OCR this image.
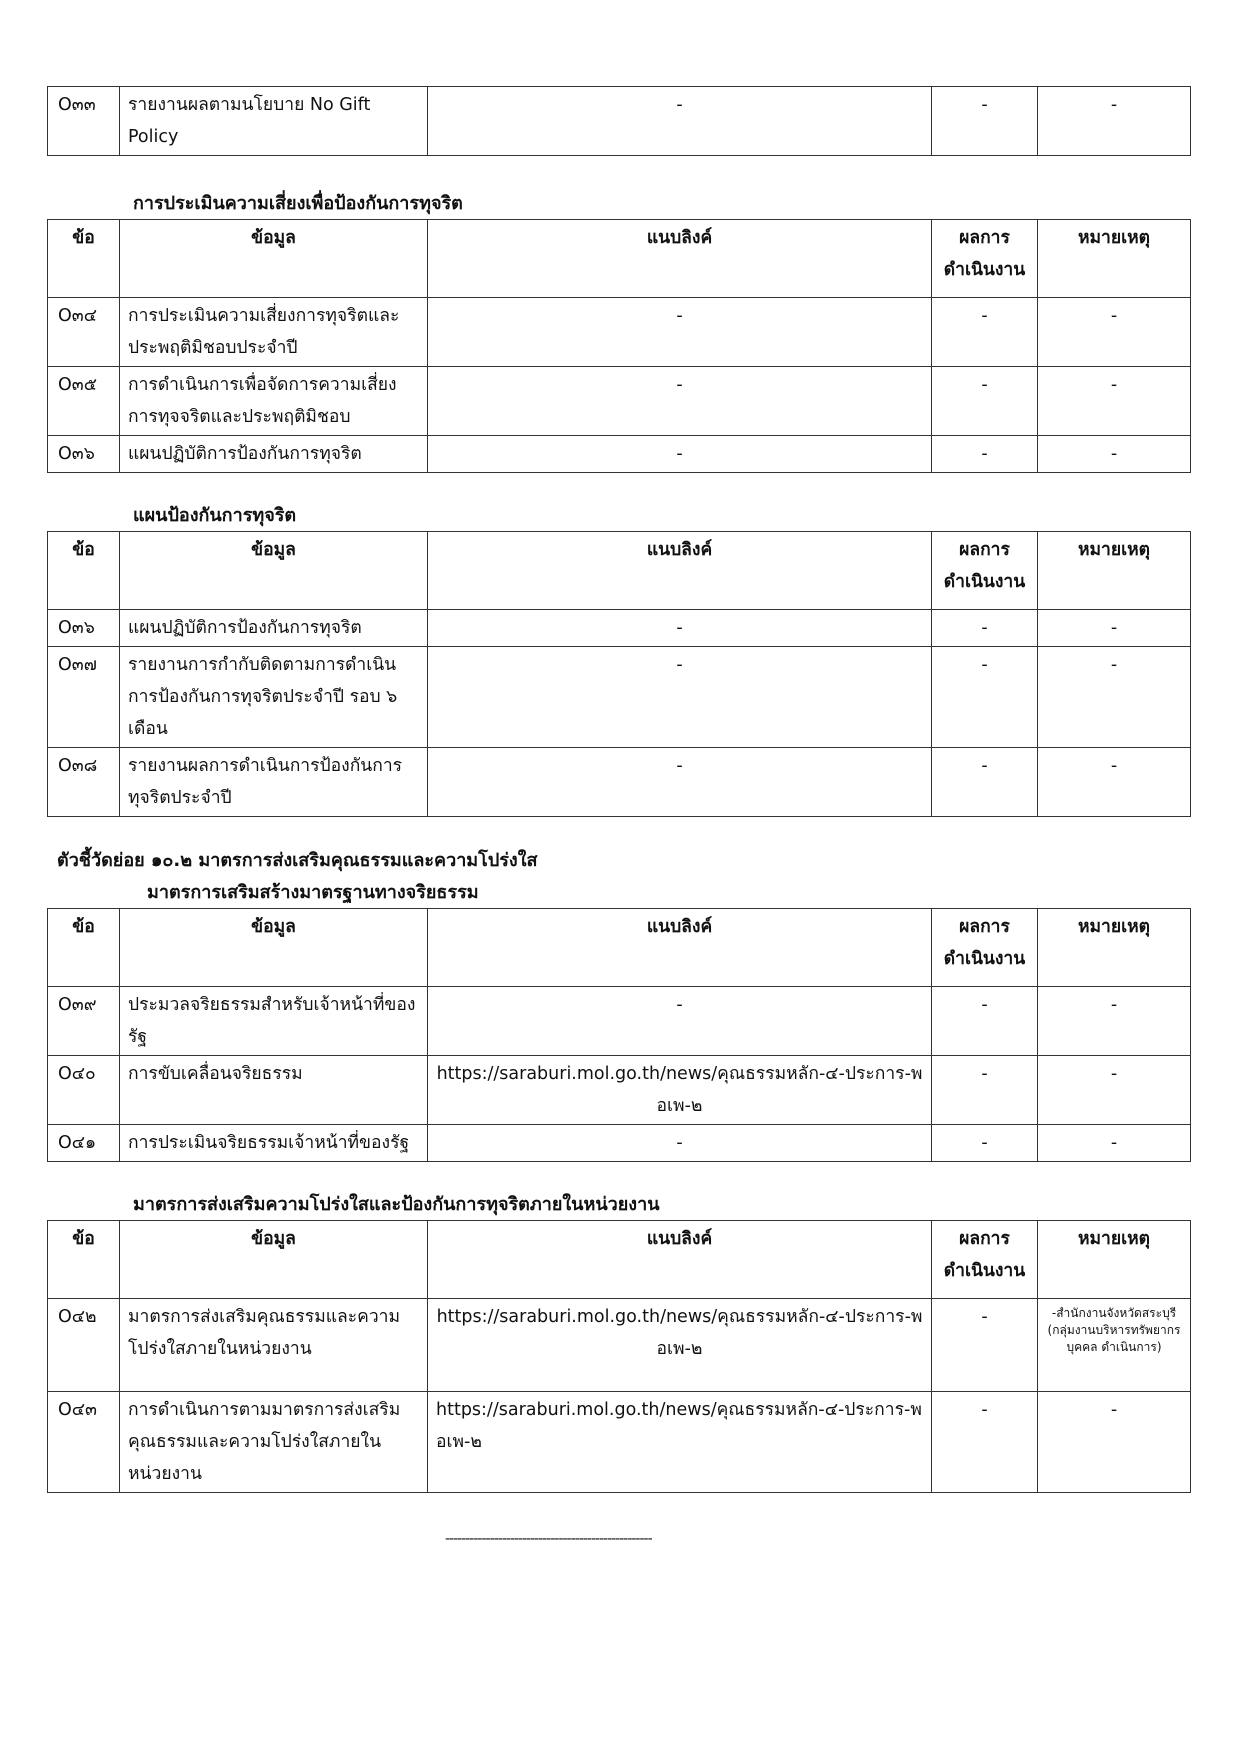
O๓๓	รายงานผลตามนโยบาย No Gift Policy	-	-	-
การประเมินความเสี่ยงเพื่อป้องกันการทุจริต
ข้อ	ข้อมูล	แนบลิงค์	ผลการดำเนินงาน	หมายเหตุ
O๓๔	การประเมินความเสี่ยงการทุจริตและประพฤติมิชอบประจำปี	-	-	-
O๓๕	การดำเนินการเพื่อจัดการความเสี่ยงการทุจจริตและประพฤติมิชอบ	-	-	-
O๓๖	แผนปฏิบัติการป้องกันการทุจริต	-	-	-
แผนป้องกันการทุจริต
ข้อ	ข้อมูล	แนบลิงค์	ผลการดำเนินงาน	หมายเหตุ
O๓๖	แผนปฏิบัติการป้องกันการทุจริต	-	-	-
O๓๗	รายงานการกำกับติดตามการดำเนินการป้องกันการทุจริตประจำปี รอบ ๖ เดือน	-	-	-
O๓๘	รายงานผลการดำเนินการป้องกันการทุจริตประจำปี	-	-	-
ตัวชี้วัดย่อย ๑๐.๒ มาตรการส่งเสริมคุณธรรมและความโปร่งใส
มาตรการเสริมสร้างมาตรฐานทางจริยธรรม
ข้อ	ข้อมูล	แนบลิงค์	ผลการดำเนินงาน	หมายเหตุ
O๓๙	ประมวลจริยธรรมสำหรับเจ้าหน้าที่ของรัฐ	-	-	-
O๔๐	การขับเคลื่อนจริยธรรม	https://saraburi.mol.go.th/news/คุณธรรมหลัก-๔-ประการ-พอเพ-๒	-	-
O๔๑	การประเมินจริยธรรมเจ้าหน้าที่ของรัฐ	-	-	-
มาตรการส่งเสริมความโปร่งใสและป้องกันการทุจริตภายในหน่วยงาน
ข้อ	ข้อมูล	แนบลิงค์	ผลการดำเนินงาน	หมายเหตุ
O๔๒	มาตรการส่งเสริมคุณธรรมและความโปร่งใสภายในหน่วยงาน	https://saraburi.mol.go.th/news/คุณธรรมหลัก-๔-ประการ-พอเพ-๒	-	-สำนักงานจังหวัดสระบุรี (กลุ่มงานบริหารทรัพยากรบุคคล ดำเนินการ)
O๔๓	การดำเนินการตามมาตรการส่งเสริมคุณธรรมและความโปร่งใสภายในหน่วยงาน	https://saraburi.mol.go.th/news/คุณธรรมหลัก-๔-ประการ-พอเพ-๒	-	-
---------------------------------------------------
